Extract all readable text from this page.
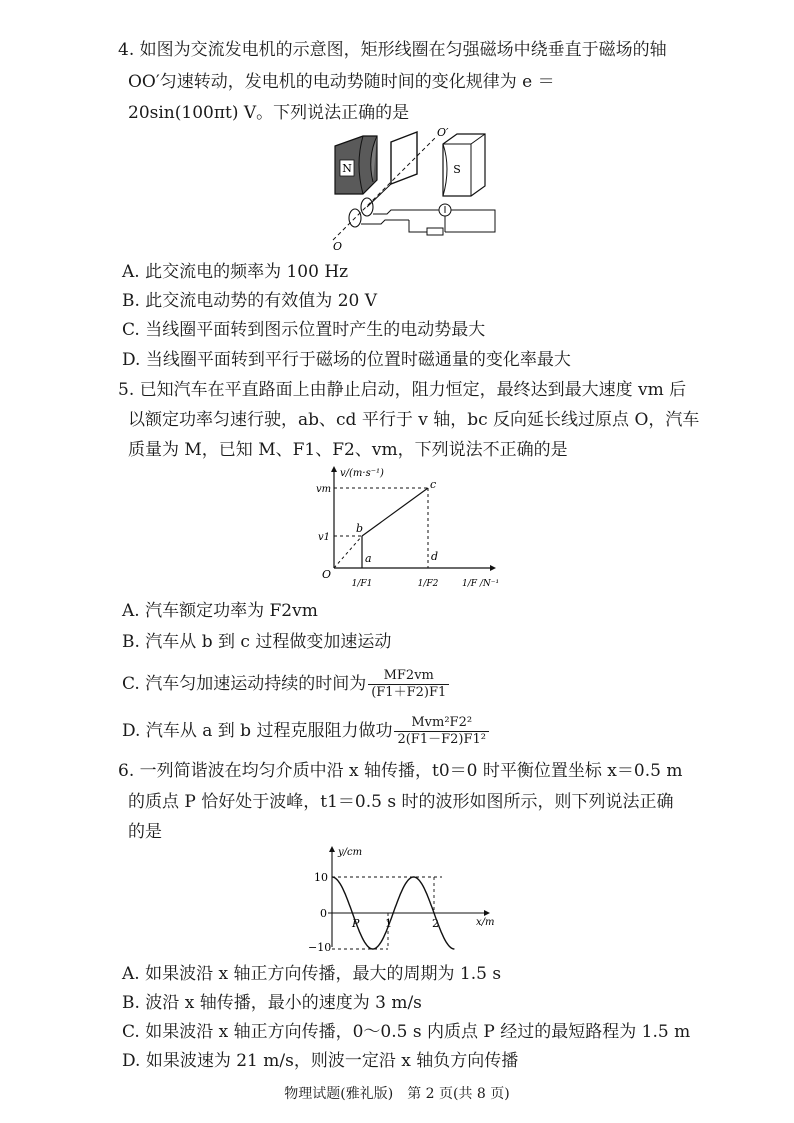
4. 如图为交流发电机的示意图，矩形线圈在匀强磁场中绕垂直于磁场的轴
OO′匀速转动，发电机的电动势随时间的变化规律为 e ＝
20sin(100πt) V。下列说法正确的是
N	S
O′
O
A. 此交流电的频率为 100 Hz
B. 此交流电动势的有效值为 20 V
C. 当线圈平面转到图示位置时产生的电动势最大
D. 当线圈平面转到平行于磁场的位置时磁通量的变化率最大
5. 已知汽车在平直路面上由静止启动，阻力恒定，最终达到最大速度 vm 后
以额定功率匀速行驶，ab、cd 平行于 v 轴，bc 反向延长线过原点 O，汽车
质量为 M，已知 M、F1、F2、vm，下列说法不正确的是
v/(m·s⁻¹)
vm
v1
O
a
b
c
d
1/F1	1/F2	1/F /N⁻¹
A. 汽车额定功率为 F2vm
B. 汽车从 b 到 c 过程做变加速运动
C. 汽车匀加速运动持续的时间为 $\frac{MF2vm}{(F1+F2)F1}$
D. 汽车从 a 到 b 过程克服阻力做功 $\frac{\text{Mvm²F2²}}{\text{2(F1－F2)F1²}}$
6. 一列简谐波在均匀介质中沿 x 轴传播，t0＝0 时平衡位置坐标 x＝0.5 m
的质点 P 恰好处于波峰，t1＝0.5 s 时的波形如图所示，则下列说法正确
的是
y/cm
x/m
10
0
−10
P 1	2
A. 如果波沿 x 轴正方向传播，最大的周期为 1.5 s
B. 波沿 x 轴传播，最小的速度为 3 m/s
C. 如果波沿 x 轴正方向传播，0～0.5 s 内质点 P 经过的最短路程为 1.5 m
D. 如果波速为 21 m/s，则波一定沿 x 轴负方向传播
物理试题(雅礼版)　第 2 页(共 8 页)
